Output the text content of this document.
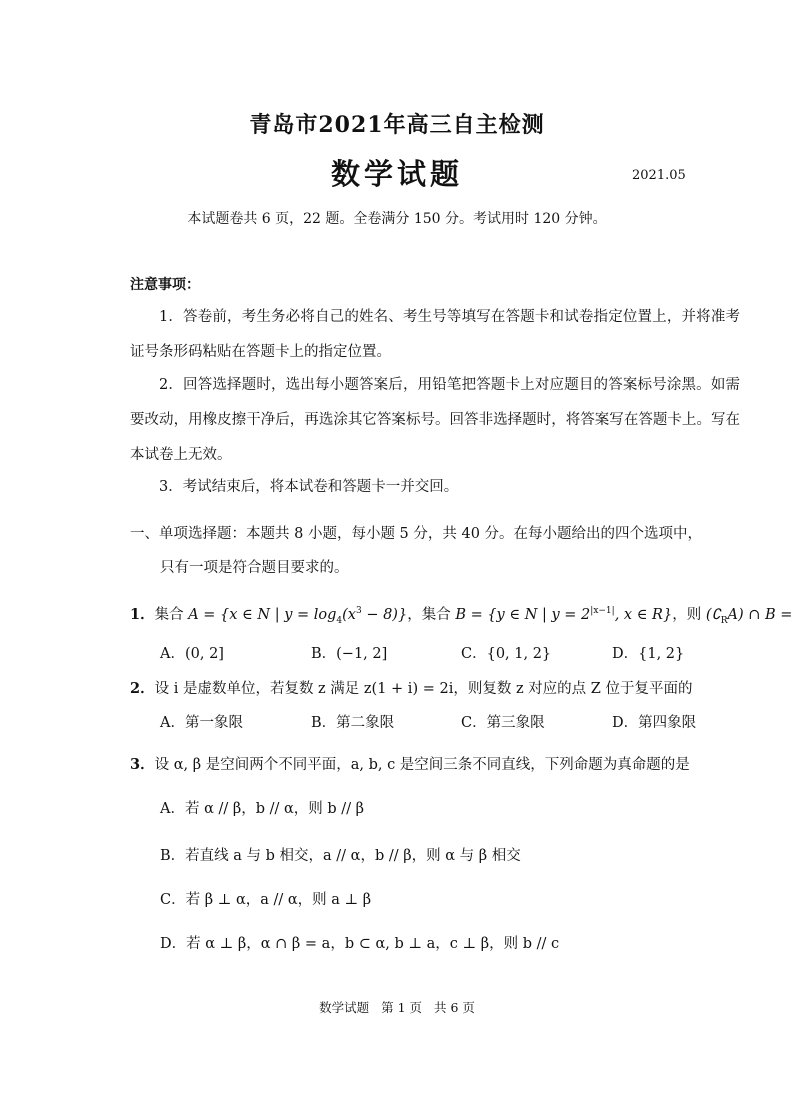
青岛市2021年高三自主检测
数学试题	2021.05
本试题卷共 6 页，22 题。全卷满分 150 分。考试用时 120 分钟。
注意事项：
1．答卷前，考生务必将自己的姓名、考生号等填写在答题卡和试卷指定位置上，并将准考证号条形码粘贴在答题卡上的指定位置。
2．回答选择题时，选出每小题答案后，用铅笔把答题卡上对应题目的答案标号涂黑。如需要改动，用橡皮擦干净后，再选涂其它答案标号。回答非选择题时，将答案写在答题卡上。写在本试卷上无效。
3．考试结束后，将本试卷和答题卡一并交回。
一、单项选择题：本题共 8 小题，每小题 5 分，共 40 分。在每小题给出的四个选项中，
只有一项是符合题目要求的。
1．集合 A = {x ∈ N | $y = \log_4(x^3 - 8)$}，集合 B = {y ∈ N | $y = 2^{|x-1|}$, x ∈ R}，则 $(∁_RA)$ ∩ B =
A．(0, 2]	B．(−1, 2]	C．{0, 1, 2}	D．{1, 2}
2．设 i 是虚数单位，若复数 z 满足 z(1 + i) = 2i，则复数 z 对应的点 Z 位于复平面的
A．第一象限	B．第二象限	C．第三象限	D．第四象限
3．设 α, β 是空间两个不同平面，a, b, c 是空间三条不同直线，下列命题为真命题的是
A．若 α // β，b // α，则 b // β
B．若直线 a 与 b 相交，a // α，b // β，则 α 与 β 相交
C．若 β ⊥ α，a // α，则 a ⊥ β
D．若 α ⊥ β，α ∩ β = a，b ⊂ α, b ⊥ a，c ⊥ β，则 b // c
数学试题 第 1 页 共 6 页
